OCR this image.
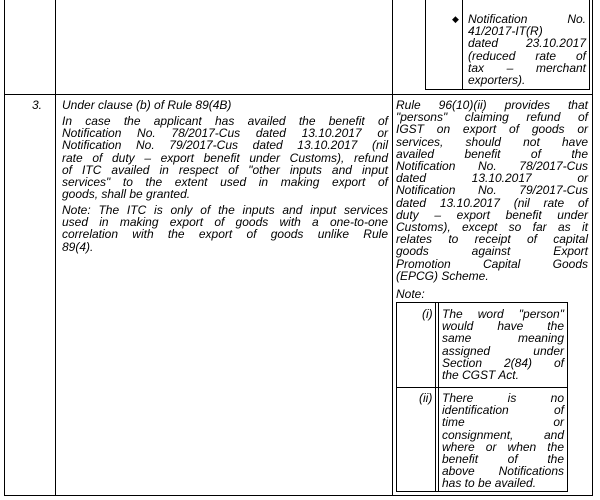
◆ Notification No.
41/2017-IT(R)
dated 23.10.2017
(reduced rate of
tax – merchant
exporters).
3. Under clause (b) of Rule 89(4B)
In case the applicant has availed the benefit of
Notification No. 78/2017-Cus dated 13.10.2017 or
Notification No. 79/2017-Cus dated 13.10.2017 (nil
rate of duty – export benefit under Customs), refund
of ITC availed in respect of "other inputs and input
services" to the extent used in making export of
goods, shall be granted.
Note: The ITC is only of the inputs and input services
used in making export of goods with a one-to-one
correlation with the export of goods unlike Rule
89(4).
Rule 96(10)(ii) provides that
"persons" claiming refund of
IGST on export of goods or
services, should not have
availed benefit of the
Notification No. 78/2017-Cus
dated 13.10.2017 or
Notification No. 79/2017-Cus
dated 13.10.2017 (nil rate of
duty – export benefit under
Customs), except so far as it
relates to receipt of capital
goods against Export
Promotion Capital Goods
(EPCG) Scheme.
Note:
(i) The word "person"
would have the
same meaning
assigned under
Section 2(84) of
the CGST Act.
(ii) There is no
identification of
time or
consignment, and
where or when the
benefit of the
above Notifications
has to be availed.
